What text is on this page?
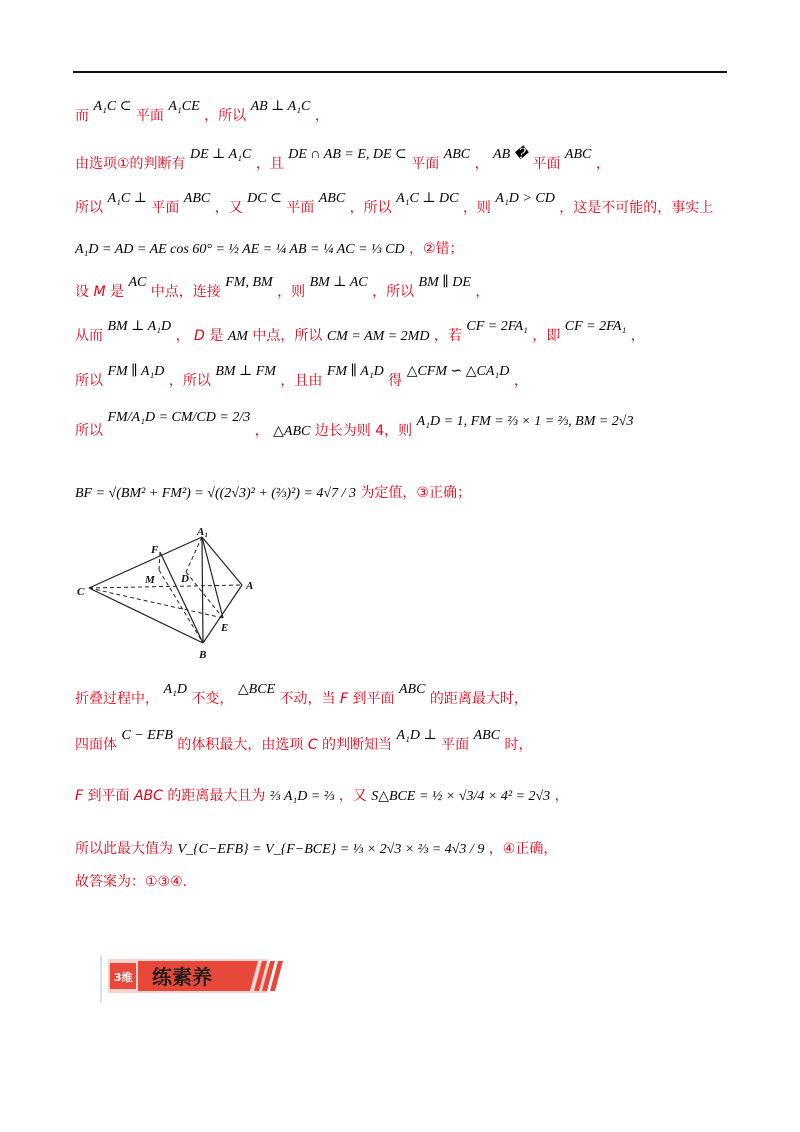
而 A₁C ⊂ 平面 A₁CE ，所以 AB ⊥ A₁C ，
由选项①的判断有 DE ⊥ A₁C ，且 DE ∩ AB = E, DE ⊂ 平面 ABC ， AB � 平面 ABC ，
所以 A₁C ⊥ 平面 ABC ，又 DC ⊂ 平面 ABC ，所以 A₁C ⊥ DC ，则 A₁D > CD ，这是不可能的，事实上
A₁D = AD = AE cos 60° = ½ AE = ¼ AB = ¼ AC = ⅓ CD ，②错；
设 M 是 AC 中点，连接 FM, BM ，则 BM ⊥ AC ，所以 BM ∥ DE ，
从而 BM ⊥ A₁D ， D 是 AM 中点，所以 CM = AM = 2MD ，若 CF = 2FA₁ ，即 CF = 2FA₁ ，
所以 FM ∥ A₁D ，所以 BM ⊥ FM ，且由 FM ∥ A₁D 得 △CFM ∽ △CA₁D ，
所以 FM/A₁D = CM/CD = 2/3 ， △ABC 边长为则 4，则 A₁D = 1, FM = ⅔ × 1 = ⅔, BM = 2√3
BF = √(BM² + FM²) = √((2√3)² + (⅔)²) = 4√7 / 3 为定值，③正确；
A₁
F
M D
A
C
E
B
折叠过程中， A₁D 不变， △BCE 不动，当 F 到平面 ABC 的距离最大时，
四面体 C − EFB 的体积最大，由选项 C 的判断知当 A₁D ⊥ 平面 ABC 时，
F 到平面 ABC 的距离最大且为 ⅔ A₁D = ⅔ ，又 S△BCE = ½ × √3/4 × 4² = 2√3 ，
所以此最大值为 V_{C−EFB} = V_{F−BCE} = ⅓ × 2√3 × ⅔ = 4√3 / 9 ，④正确，
故答案为：①③④.
3维 练素养
